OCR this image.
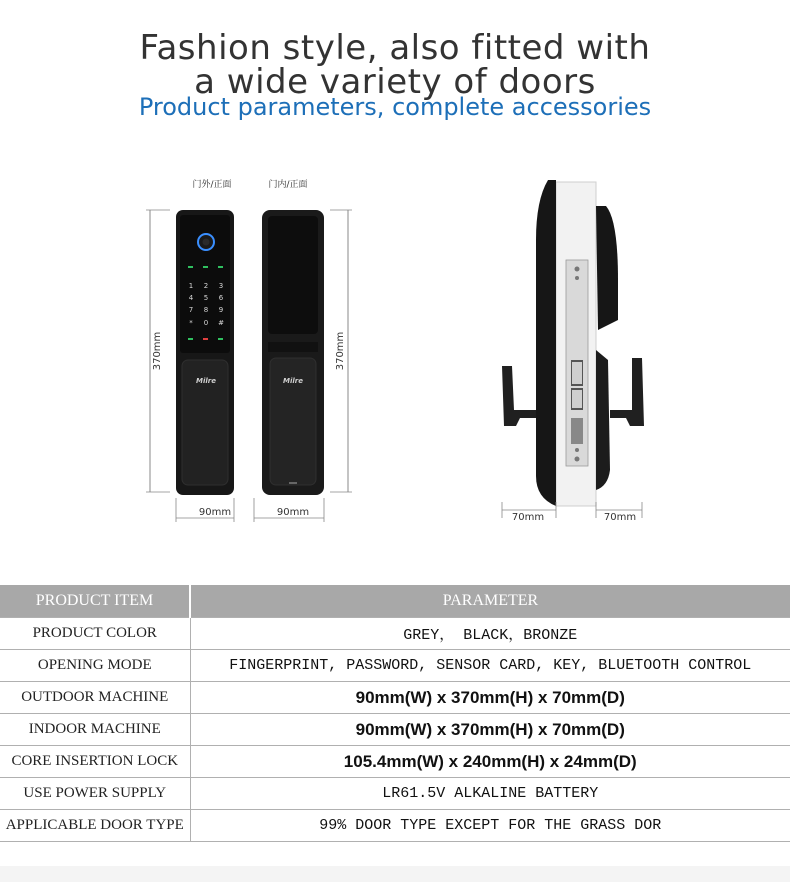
Fashion style, also fitted with
a wide variety of doors
Product parameters, complete accessories
门外/正面	门内/正面
370mm
1 2 3
4 5 6
7 8 9
* 0 #
Milre	Milre
370mm
90mm	90mm	70mm	70mm
PRODUCT ITEM	PARAMETER
PRODUCT COLOR	GREY， BLACK，BRONZE
OPENING MODE	FINGERPRINT, PASSWORD, SENSOR CARD, KEY, BLUETOOTH CONTROL
OUTDOOR MACHINE	90mm(W) x 370mm(H) x 70mm(D)
INDOOR MACHINE	90mm(W) x 370mm(H) x 70mm(D)
CORE INSERTION LOCK	105.4mm(W) x 240mm(H) x 24mm(D)
USE POWER SUPPLY	LR61.5V ALKALINE BATTERY
APPLICABLE DOOR TYPE	99% DOOR TYPE EXCEPT FOR THE GRASS DOR
